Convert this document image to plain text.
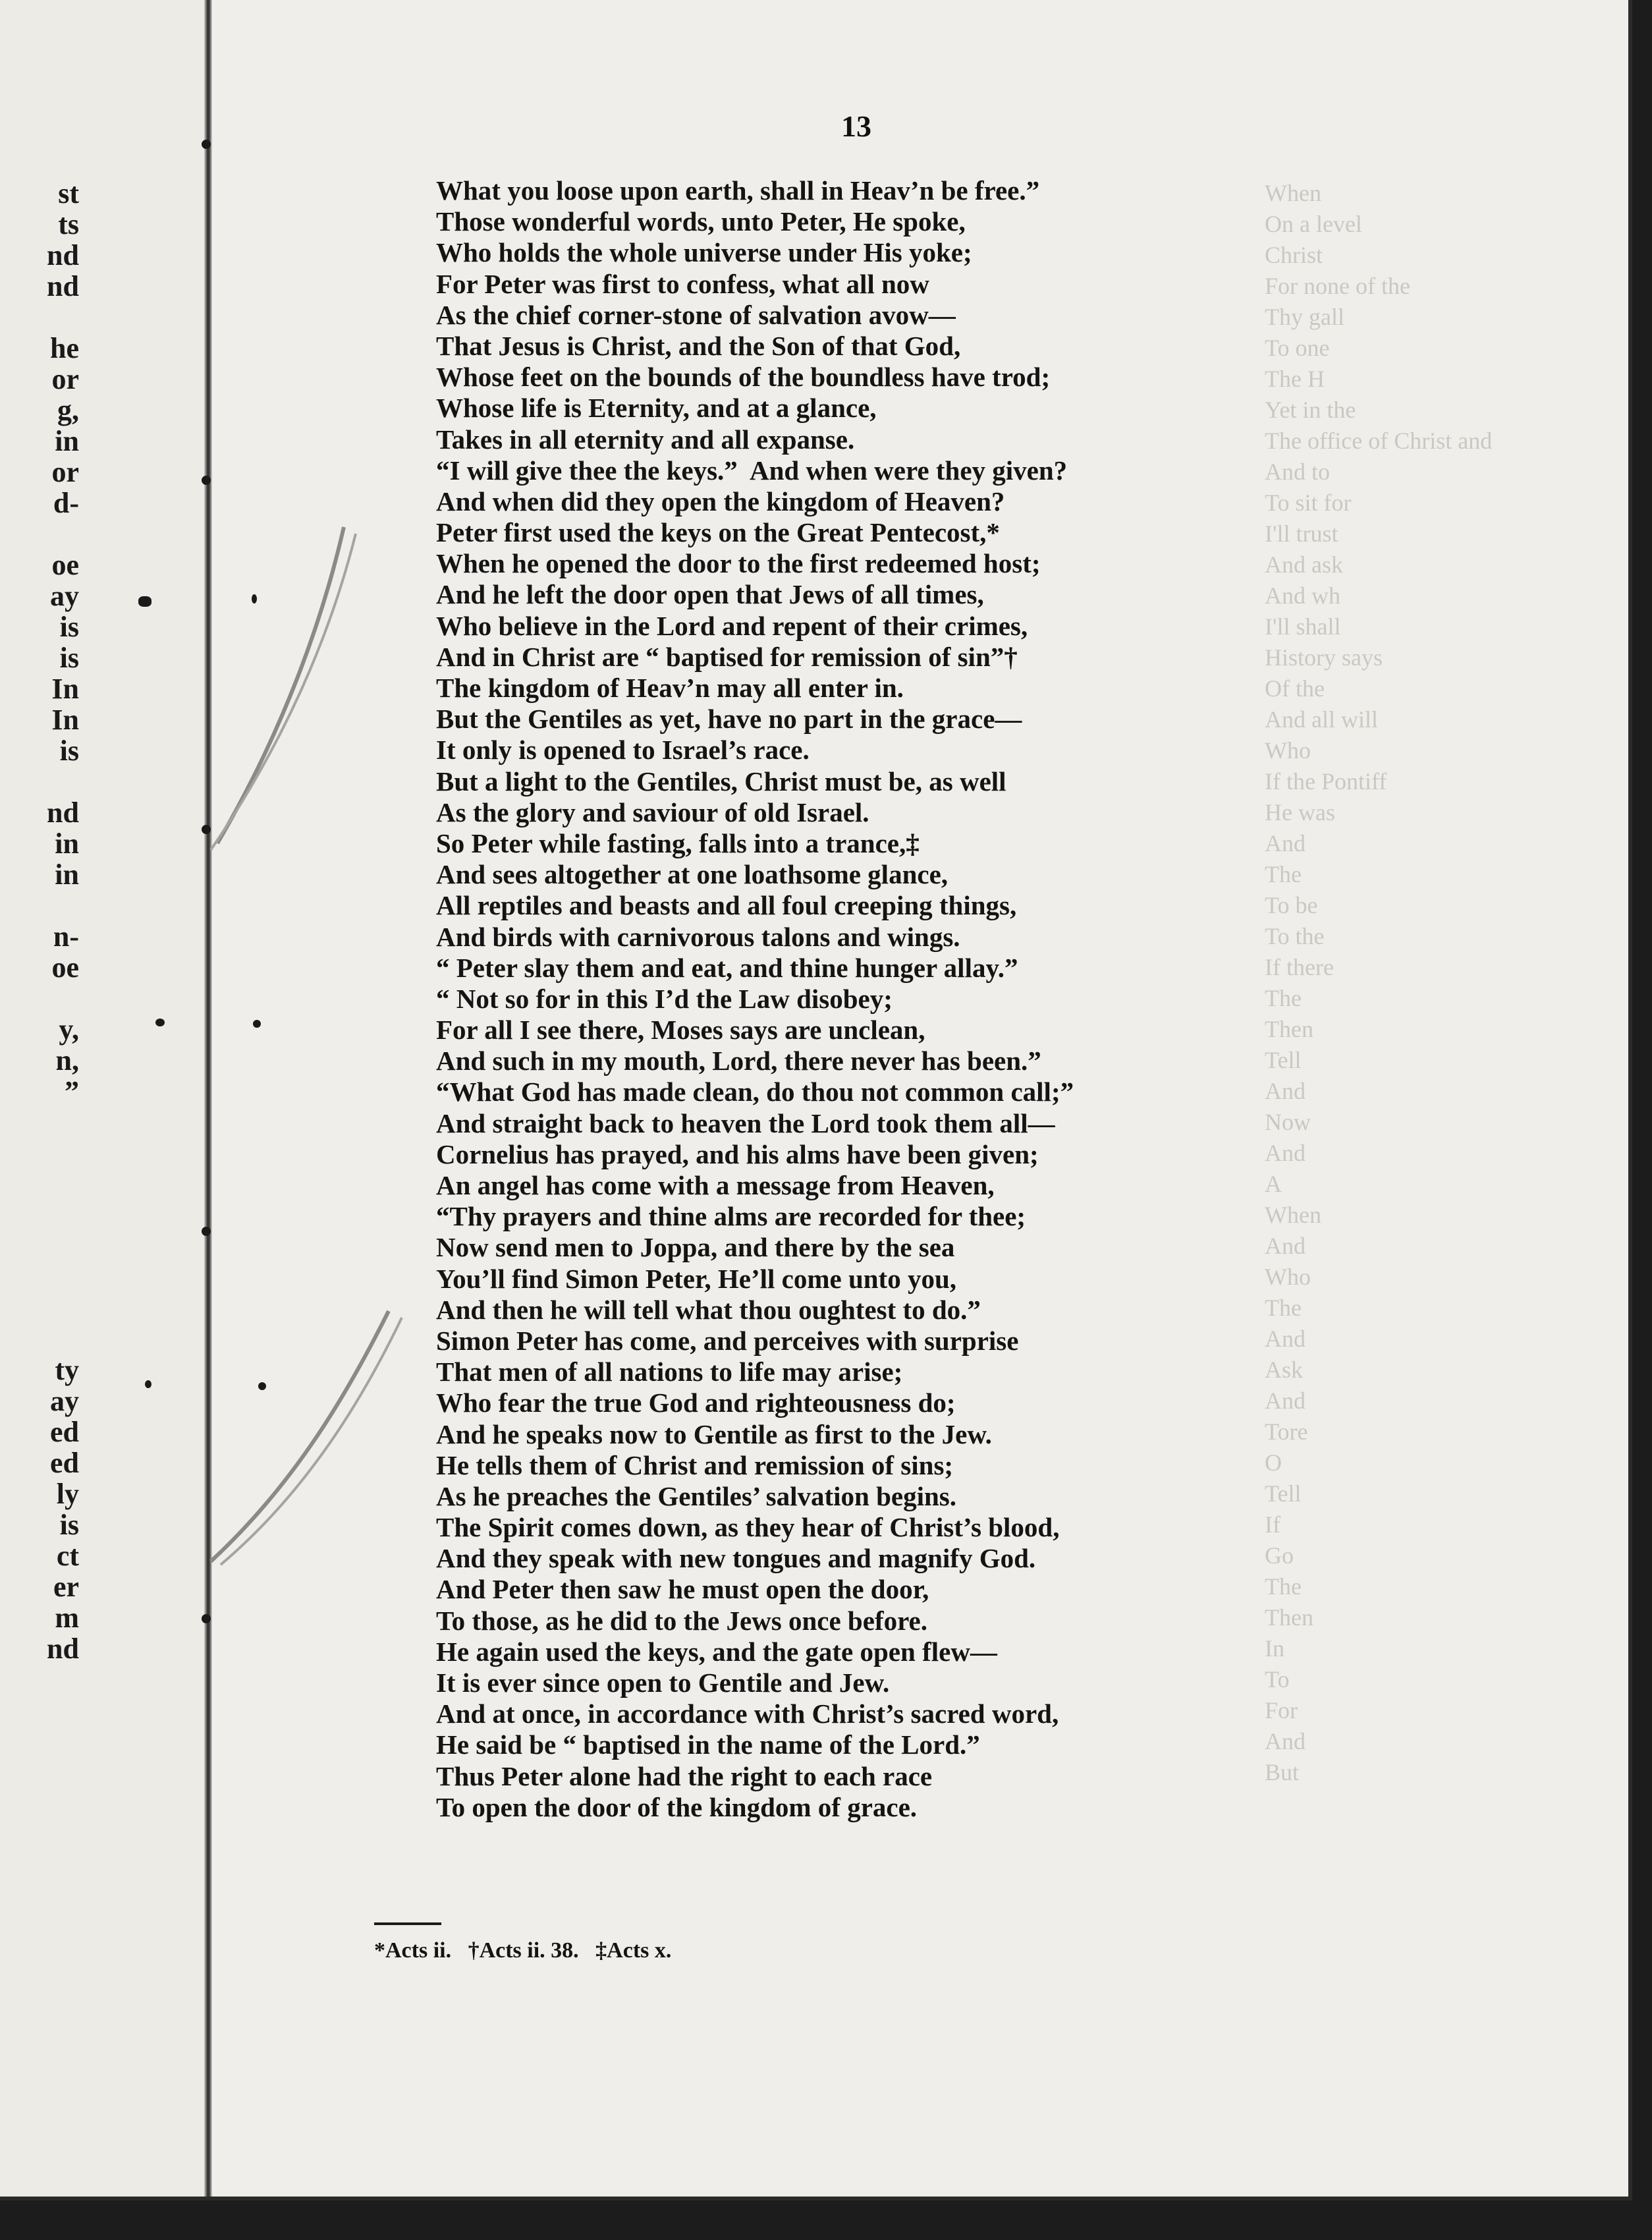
st
ts
nd
nd
he
or
g,
in
or
d-
oe
ay
is
is
In
In
is
nd
in
in
n-
oe
y,
n,
”
ty
ay
ed
ed
ly
is
ct
er
m
nd
When
On a level
Christ
For none of the
Thy gall
To one
The H
Yet in the
The office of Christ and
And to
To sit for
I'll trust
And ask
And wh
I'll shall
History says
Of the
And all will
Who
If the Pontiff
He was
And
The
To be
To the
If there
The
Then
Tell
And
Now
And
A
When
And
Who
The
And
Ask
And
Tore
O
Tell
If
Go
The
Then
In
To
For
And
But
13
What you loose upon earth, shall in Heav’n be free.”
Those wonderful words, unto Peter, He spoke,
Who holds the whole universe under His yoke;
For Peter was first to confess, what all now
As the chief corner-stone of salvation avow—
That Jesus is Christ, and the Son of that God,
Whose feet on the bounds of the boundless have trod;
Whose life is Eternity, and at a glance,
Takes in all eternity and all expanse.
“I will give thee the keys.”  And when were they given?
And when did they open the kingdom of Heaven?
Peter first used the keys on the Great Pentecost,*
When he opened the door to the first redeemed host;
And he left the door open that Jews of all times,
Who believe in the Lord and repent of their crimes,
And in Christ are “ baptised for remission of sin”†
The kingdom of Heav’n may all enter in.
But the Gentiles as yet, have no part in the grace—
It only is opened to Israel’s race.
But a light to the Gentiles, Christ must be, as well
As the glory and saviour of old Israel.
So Peter while fasting, falls into a trance,‡
And sees altogether at one loathsome glance,
All reptiles and beasts and all foul creeping things,
And birds with carnivorous talons and wings.
“ Peter slay them and eat, and thine hunger allay.”
“ Not so for in this I’d the Law disobey;
For all I see there, Moses says are unclean,
And such in my mouth, Lord, there never has been.”
“What God has made clean, do thou not common call;”
And straight back to heaven the Lord took them all—
Cornelius has prayed, and his alms have been given;
An angel has come with a message from Heaven,
“Thy prayers and thine alms are recorded for thee;
Now send men to Joppa, and there by the sea
You’ll find Simon Peter, He’ll come unto you,
And then he will tell what thou oughtest to do.”
Simon Peter has come, and perceives with surprise
That men of all nations to life may arise;
Who fear the true God and righteousness do;
And he speaks now to Gentile as first to the Jew.
He tells them of Christ and remission of sins;
As he preaches the Gentiles’ salvation begins.
The Spirit comes down, as they hear of Christ’s blood,
And they speak with new tongues and magnify God.
And Peter then saw he must open the door,
To those, as he did to the Jews once before.
He again used the keys, and the gate open flew—
It is ever since open to Gentile and Jew.
And at once, in accordance with Christ’s sacred word,
He said be “ baptised in the name of the Lord.”
Thus Peter alone had the right to each race
To open the door of the kingdom of grace.
*Acts ii.   †Acts ii. 38.   ‡Acts x.
